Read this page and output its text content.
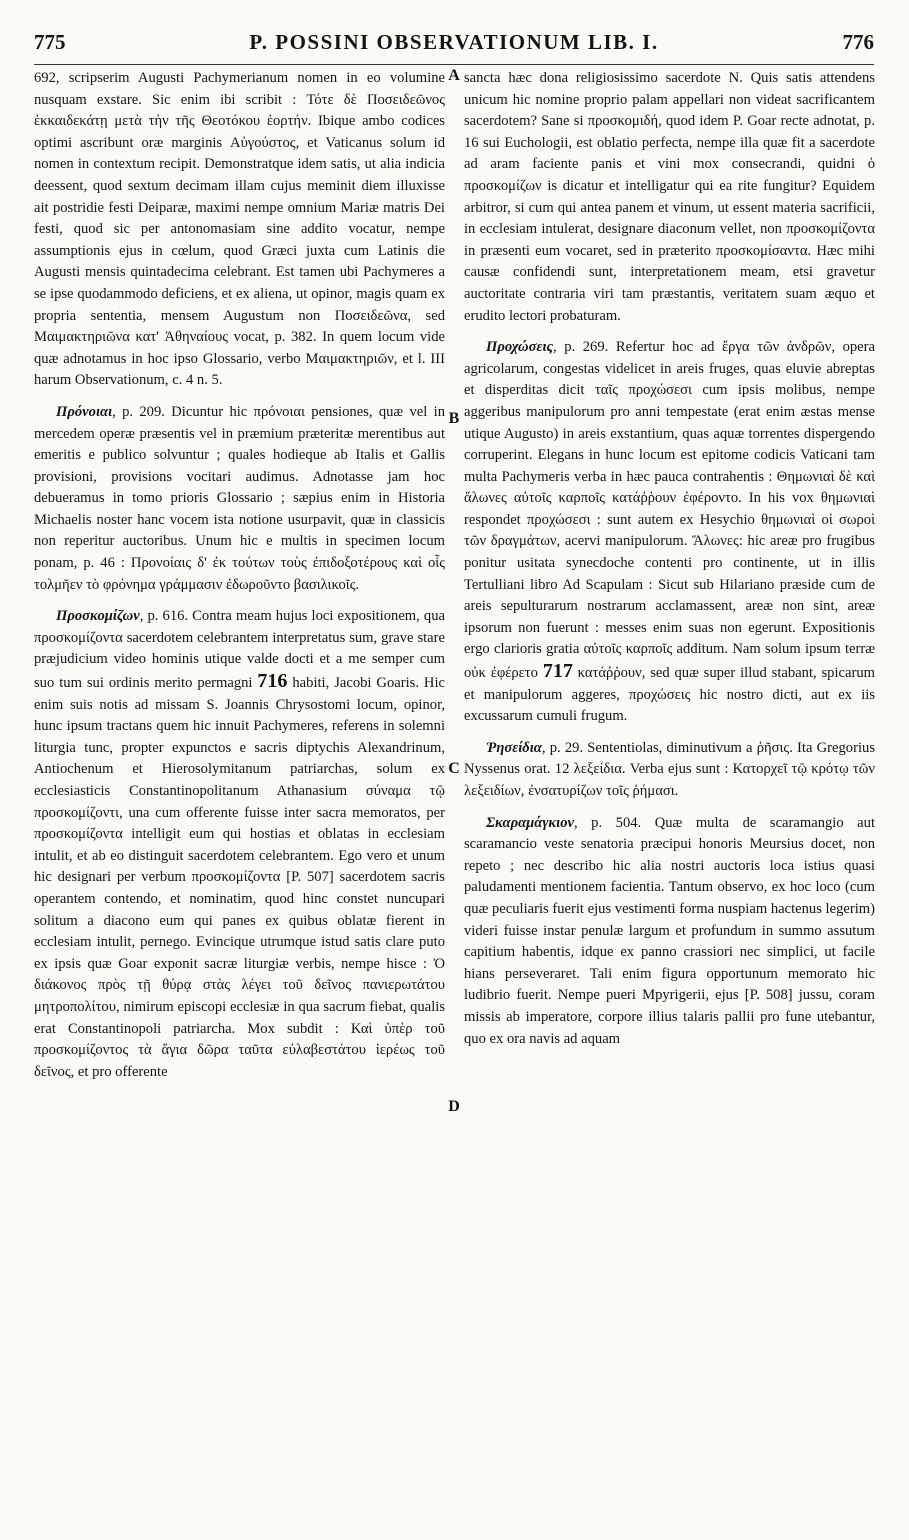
775	P. POSSINI OBSERVATIONUM LIB. I.	776
A
B
C
D

692, scripserim Augusti Pachymerianum nomen in eo volumine nusquam exstare. Sic enim ibi scribit : Τότε δὲ Ποσειδεῶνος ἑκκαιδεκάτῃ μετὰ τὴν τῆς Θεοτόκου ἑορτήν. Ibique ambo codices optimi ascribunt oræ marginis Αὐγούστος, et Vaticanus solum id nomen in contextum recipit. Demonstratque idem satis, ut alia indicia deessent, quod sextum decimam illam cujus meminit diem illuxisse ait postridie festi Deiparæ, maximi nempe omnium Mariæ matris Dei festi, quod sic per antonomasiam sine addito vocatur, nempe assumptionis ejus in cœlum, quod Græci juxta cum Latinis die Augusti mensis quintadecima celebrant. Est tamen ubi Pachymeres a se ipse quodammodo deficiens, et ex aliena, ut opinor, magis quam ex propria sententia, mensem Augustum non Ποσειδεῶνα, sed Μαιμακτηριῶνα κατ' Ἀθηναίους vocat, p. 382. In quem locum vide quæ adnotamus in hoc ipso Glossario, verbo Μαιμακτηριῶν, et l. III harum Observationum, c. 4 n. 5.

Πρόνοιαι, p. 209. Dicuntur hic πρόνοιαι pensiones, quæ vel in mercedem operæ præsentis vel in præmium præteritæ merentibus aut emeritis e publico solvuntur ; quales hodieque ab Italis et Gallis provisioni, provisions vocitari audimus. Adnotasse jam hoc debueramus in tomo prioris Glossario ; sæpius enim in Historia Michaelis noster hanc vocem ista notione usurpavit, quæ in classicis non reperitur auctoribus. Unum hic e multis in specimen locum ponam, p. 46 : Προνοίαις δ' ἐκ τούτων τοὺς ἐπιδοξοτέρους καὶ οἷς τολμῆεν τὸ φρόνημα γράμμασιν ἐδωροῦντο βασιλικοῖς.

Προσκομίζων, p. 616. Contra meam hujus loci expositionem, qua προσκομίζοντα sacerdotem celebrantem interpretatus sum, grave stare præjudicium video hominis utique valde docti et a me semper cum suo tum sui ordinis merito permagni 716 habiti, Jacobi Goaris. Hic enim suis notis ad missam S. Joannis Chrysostomi locum, opinor, hunc ipsum tractans quem hic innuit Pachymeres, referens in solemni liturgia tunc, propter expunctos e sacris diptychis Alexandrinum, Antiochenum et Hierosolymitanum patriarchas, solum ex ecclesiasticis Constantinopolitanum Athanasium σύναμα τῷ προσκομίζοντι, una cum offerente fuisse inter sacra memoratos, per προσκομίζοντα intelligit eum qui hostias et oblatas in ecclesiam intulit, et ab eo distinguit sacerdotem celebrantem. Ego vero et unum hic designari per verbum προσκομίζοντα [P. 507] sacerdotem sacris operantem contendo, et nominatim, quod hinc constet nuncupari solitum a diacono eum qui panes ex quibus oblatæ fierent in ecclesiam intulit, pernego. Evincique utrumque istud satis clare puto ex ipsis quæ Goar exponit sacræ liturgiæ verbis, nempe hisce : Ὁ διάκονος πρὸς τῇ θύρᾳ στὰς λέγει τοῦ δεῖνος πανιερωτάτου μητροπολίτου, nimirum episcopi ecclesiæ in qua sacrum fiebat, qualis erat Constantinopoli patriarcha. Mox subdit : Καὶ ὑπὲρ τοῦ προσκομίζοντος τὰ ἅγια δῶρα ταῦτα εὐλαβεστάτου ἱερέως τοῦ δεῖνος, et pro offerente

sancta hæc dona religiosissimo sacerdote N. Quis satis attendens unicum hic nomine proprio palam appellari non videat sacrificantem sacerdotem? Sane si προσκομιδή, quod idem P. Goar recte adnotat, p. 16 sui Euchologii, est oblatio perfecta, nempe illa quæ fit a sacerdote ad aram faciente panis et vini mox consecrandi, quidni ὁ προσκομίζων is dicatur et intelligatur qui ea rite fungitur? Equidem arbitror, si cum qui antea panem et vinum, ut essent materia sacrificii, in ecclesiam intulerat, designare diaconum vellet, non προσκομίζοντα in præsenti eum vocaret, sed in præterito προσκομίσαντα. Hæc mihi causæ confidendi sunt, interpretationem meam, etsi gravetur auctoritate contraria viri tam præstantis, veritatem suam æquo et erudito lectori probaturam.

Προχώσεις, p. 269. Refertur hoc ad ἔργα τῶν ἀνδρῶν, opera agricolarum, congestas videlicet in areis fruges, quas eluvie abreptas et disperditas dicit ταῖς προχώσεσι cum ipsis molibus, nempe aggeribus manipulorum pro anni tempestate (erat enim æstas mense utique Augusto) in areis exstantium, quas aquæ torrentes dispergendo corruperint. Elegans in hunc locum est epitome codicis Vaticani tam multa Pachymeris verba in hæc pauca contrahentis : Θημωνιαὶ δὲ καὶ ἅλωνες αὐτοῖς καρποῖς κατάῤῥουν ἐφέροντο. In his vox θημωνιαὶ respondet προχώσεσι : sunt autem ex Hesychio θημωνιαὶ οἱ σωροὶ τῶν δραγμάτων, acervi manipulorum. Ἅλωνες: hic areæ pro frugibus ponitur usitata synecdoche contenti pro continente, ut in illis Tertulliani libro Ad Scapulam : Sicut sub Hilariano præside cum de areis sepulturarum nostrarum acclamassent, areæ non sint, areæ ipsorum non fuerunt : messes enim suas non egerunt. Expositionis ergo clarioris gratia αὐτοῖς καρποῖς additum. Nam solum ipsum terræ οὐκ ἐφέρετο 717 κατάῤῥουν, sed quæ super illud stabant, spicarum et manipulorum aggeres, προχώσεις hic nostro dicti, aut ex iis excussarum cumuli frugum.

Ῥησείδια, p. 29. Sententiolas, diminutivum a ῥῆσις. Ita Gregorius Nyssenus orat. 12 λεξείδια. Verba ejus sunt : Κατορχεῖ τῷ κρότῳ τῶν λεξειδίων, ἐνσατυρίζων τοῖς ῥήμασι.

Σκαραμάγκιον, p. 504. Quæ multa de scaramangio aut scaramancio veste senatoria præcipui honoris Meursius docet, non repeto ; nec describo hic alia nostri auctoris loca istius quasi paludamenti mentionem facientia. Tantum observo, ex hoc loco (cum quæ peculiaris fuerit ejus vestimenti forma nuspiam hactenus legerim) videri fuisse instar penulæ largum et profundum in summo assutum capitium habentis, idque ex panno crassiori nec simplici, ut facile hians perseveraret. Tali enim figura opportunum memorato hic ludibrio fuerit. Nempe pueri Mpyrigerii, ejus [P. 508] jussu, coram missis ab imperatore, corpore illius talaris pallii pro fune utebantur, quo ex ora navis ad aquam
